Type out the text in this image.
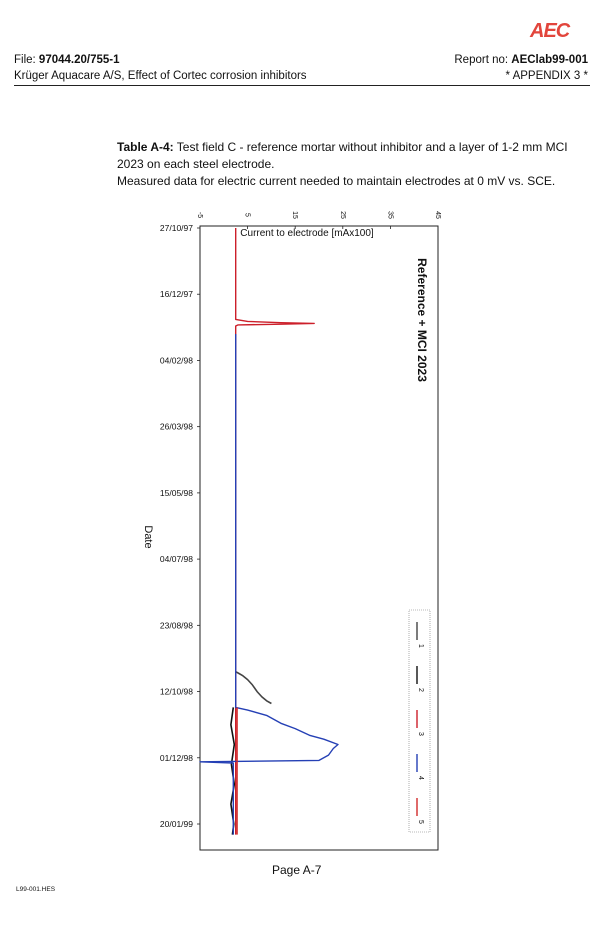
AEC
File: 97044.20/755-1	Report no: AEClab99-001
Krüger Aquacare A/S, Effect of Cortec corrosion inhibitors	* APPENDIX 3 *
Table A-4: Test field C - reference mortar without inhibitor and a layer of 1-2 mm MCI 2023 on each steel electrode.
Measured data for electric current needed to maintain electrodes at 0 mV vs. SCE.
Current to electrode [mAx100]
-5	5	15	25	35	45
27/10/97
16/12/97
04/02/98
26/03/98
15/05/98
04/07/98
23/08/98
12/10/98
01/12/98
20/01/99
Date
Reference + MCI 2023
1
2
3
4
5
Page A-7
L99-001.HES
